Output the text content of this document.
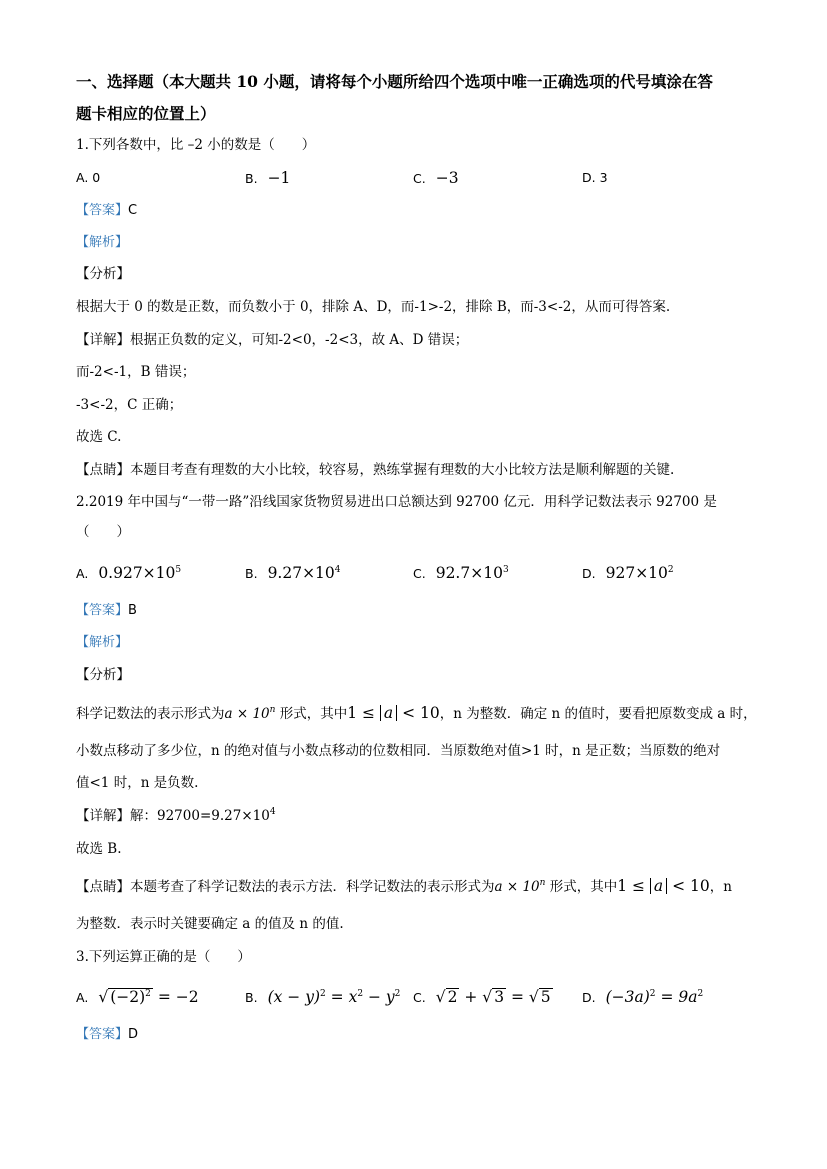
一、选择题（本大题共 10 小题，请将每个小题所给四个选项中唯一正确选项的代号填涂在答
题卡相应的位置上）
1.下列各数中，比 –2 小的数是（　　）
A. 0	B. −1	C. −3	D. 3
【答案】C
【解析】
【分析】
根据大于 0 的数是正数，而负数小于 0，排除 A、D，而-1>-2，排除 B，而-3<-2，从而可得答案.
【详解】根据正负数的定义，可知-2<0，-2<3，故 A、D 错误；
而-2<-1，B 错误；
-3<-2，C 正确；
故选 C.
【点睛】本题目考查有理数的大小比较，较容易，熟练掌握有理数的大小比较方法是顺利解题的关键.
2.2019 年中国与“一带一路”沿线国家货物贸易进出口总额达到 92700 亿元．用科学记数法表示 92700 是
（　　）
A. $0.927\times 10^5$	B. $9.27\times 10^4$	C. $92.7\times 10^3$	D. $927\times 10^2$
【答案】B
【解析】
【分析】
科学记数法的表示形式为$a \times 10^n$ 形式，其中1 ≤ a < 10，n 为整数．确定 n 的值时，要看把原数变成 a 时，
小数点移动了多少位，n 的绝对值与小数点移动的位数相同．当原数绝对值>1 时，n 是正数；当原数的绝对
值<1 时，n 是负数.
【详解】解：$92700=9.27\times 10^4$
故选 B.
【点睛】本题考查了科学记数法的表示方法．科学记数法的表示形式为$a \times 10^n$ 形式，其中1 ≤ a < 10，n
为整数．表示时关键要确定 a 的值及 n 的值.
3.下列运算正确的是（　　）
A. √ $(-2)^2 = -2$	B. $(x - y)^2 = x^2 - y^2$ C. √ 2 + √ 3 = √ 5	D. $(-3a)^2 = 9a^2$
【答案】D
